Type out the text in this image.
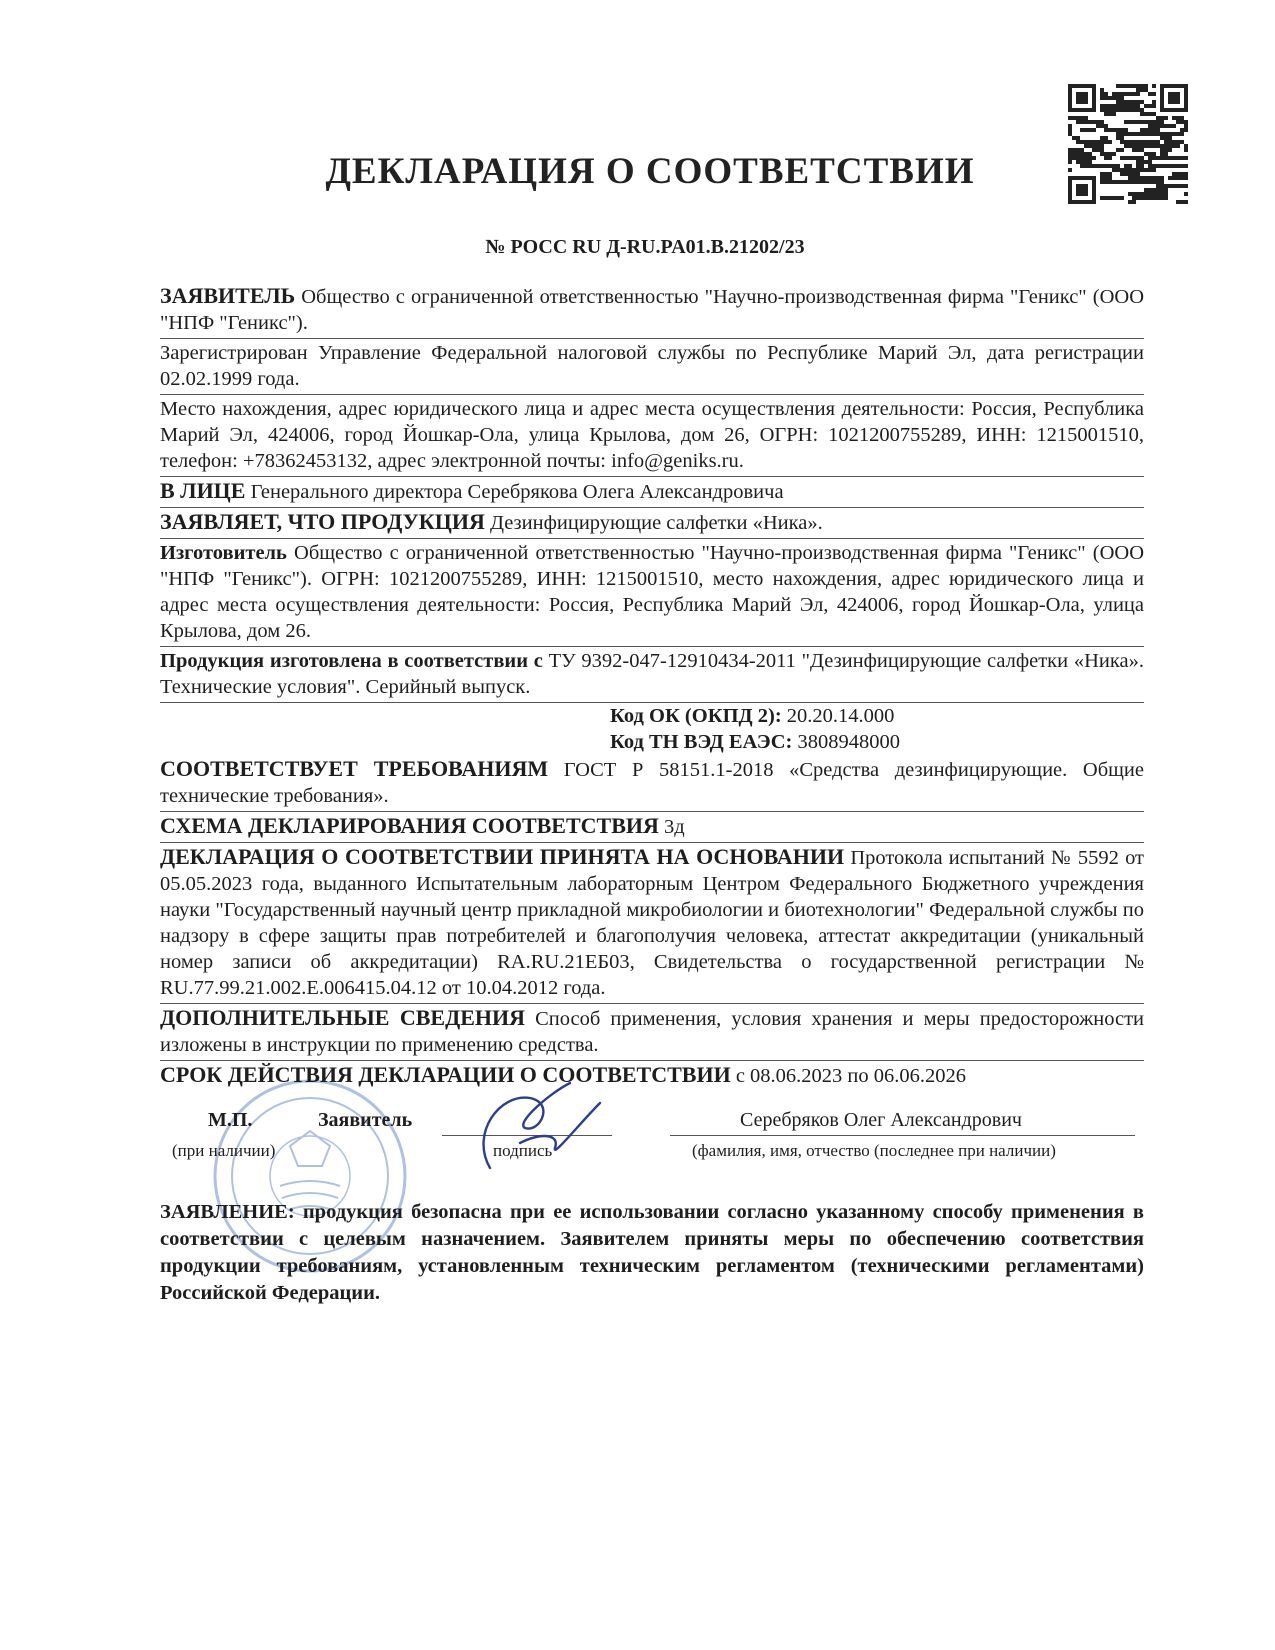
ДЕКЛАРАЦИЯ О СООТВЕТСТВИИ
№ РОСС RU Д-RU.PA01.B.21202/23
ЗАЯВИТЕЛЬ Общество с ограниченной ответственностью "Научно-производственная фирма "Геникс" (ООО "НПФ "Геникс").
Зарегистрирован Управление Федеральной налоговой службы по Республике Марий Эл, дата регистрации 02.02.1999 года.
Место нахождения, адрес юридического лица и адрес места осуществления деятельности: Россия, Республика Марий Эл, 424006, город Йошкар-Ола, улица Крылова, дом 26, ОГРН: 1021200755289, ИНН: 1215001510, телефон: +78362453132, адрес электронной почты: info@geniks.ru.
В ЛИЦЕ Генерального директора Серебрякова Олега Александровича
ЗАЯВЛЯЕТ, ЧТО ПРОДУКЦИЯ Дезинфицирующие салфетки «Ника».
Изготовитель Общество с ограниченной ответственностью "Научно-производственная фирма "Геникс" (ООО "НПФ "Геникс"). ОГРН: 1021200755289, ИНН: 1215001510, место нахождения, адрес юридического лица и адрес места осуществления деятельности: Россия, Республика Марий Эл, 424006, город Йошкар-Ола, улица Крылова, дом 26.
Продукция изготовлена в соответствии с ТУ 9392-047-12910434-2011 "Дезинфицирующие салфетки «Ника». Технические условия". Серийный выпуск.
Код ОК (ОКПД 2): 20.20.14.000
Код ТН ВЭД ЕАЭС: 3808948000
СООТВЕТСТВУЕТ ТРЕБОВАНИЯМ ГОСТ Р 58151.1-2018 «Средства дезинфицирующие. Общие технические требования».
СХЕМА ДЕКЛАРИРОВАНИЯ СООТВЕТСТВИЯ 3д
ДЕКЛАРАЦИЯ О СООТВЕТСТВИИ ПРИНЯТА НА ОСНОВАНИИ Протокола испытаний № 5592 от 05.05.2023 года, выданного Испытательным лабораторным Центром Федерального Бюджетного учреждения науки "Государственный научный центр прикладной микробиологии и биотехнологии" Федеральной службы по надзору в сфере защиты прав потребителей и благополучия человека, аттестат аккредитации (уникальный номер записи об аккредитации) RA.RU.21ЕБ03, Свидетельства о государственной регистрации № RU.77.99.21.002.E.006415.04.12 от 10.04.2012 года.
ДОПОЛНИТЕЛЬНЫЕ СВЕДЕНИЯ Способ применения, условия хранения и меры предосторожности изложены в инструкции по применению средства.
СРОК ДЕЙСТВИЯ ДЕКЛАРАЦИИ О СООТВЕТСТВИИ с 08.06.2023 по 06.06.2026
М.П.
(при наличии)
Заявитель
подпись
Серебряков Олег Александрович
(фамилия, имя, отчество (последнее при наличии)
ЗАЯВЛЕНИЕ: продукция безопасна при ее использовании согласно указанному способу применения в соответствии с целевым назначением. Заявителем приняты меры по обеспечению соответствия продукции требованиям, установленным техническим регламентом (техническими регламентами) Российской Федерации.
